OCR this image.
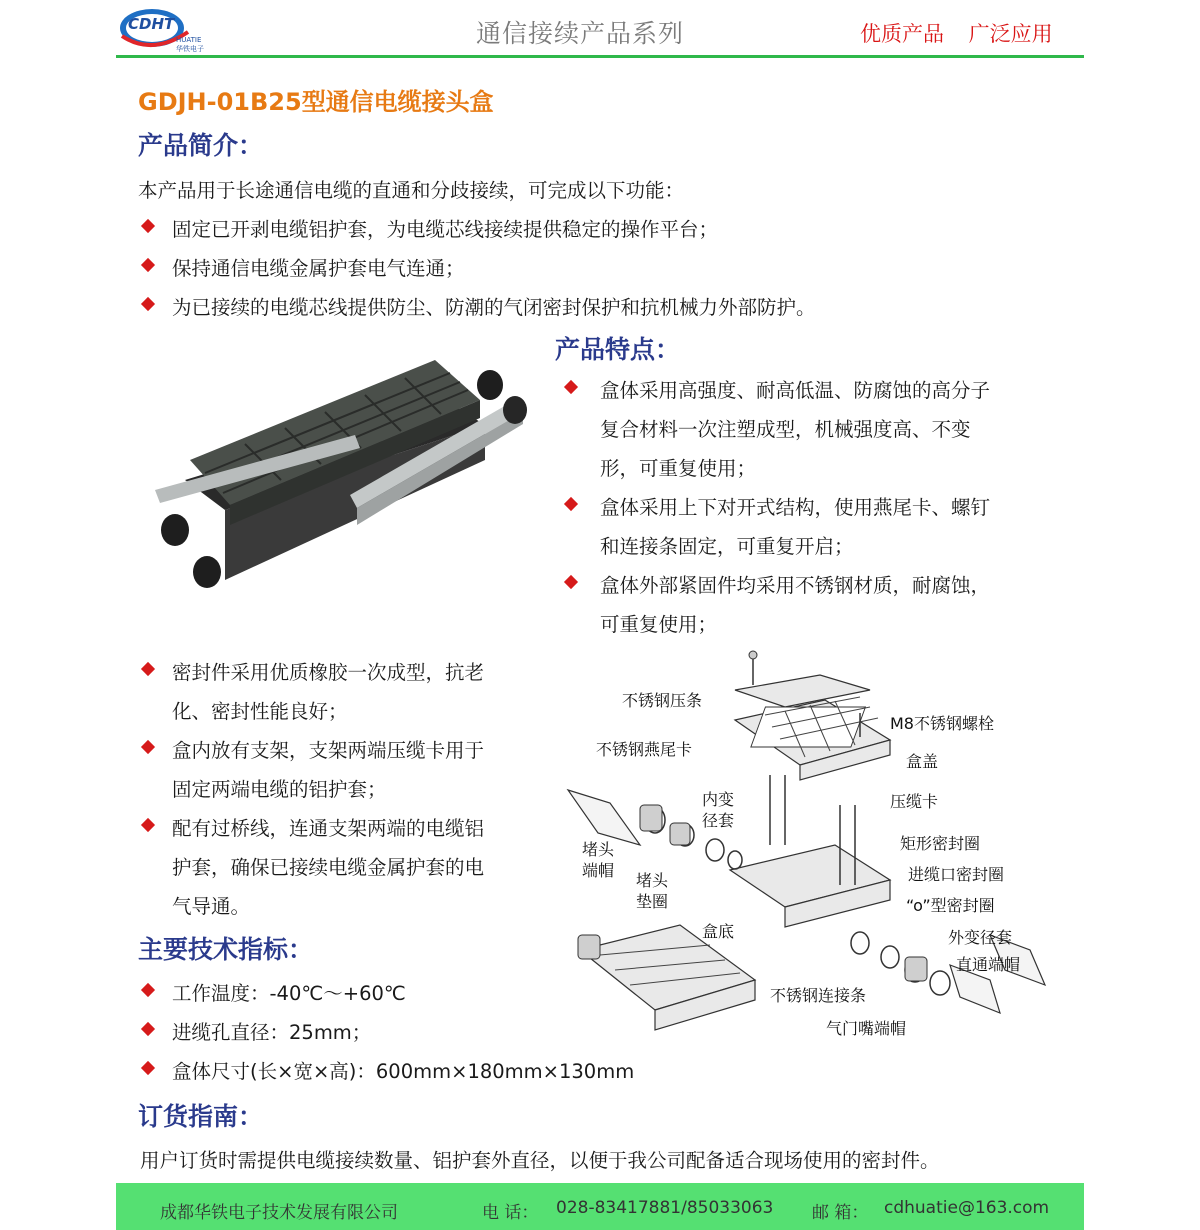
CDHT
HUATIE
华铁电子
通信接续产品系列	优质产品 广泛应用
GDJH-01B25型通信电缆接头盒
产品简介：
本产品用于长途通信电缆的直通和分歧接续，可完成以下功能：
固定已开剥电缆铝护套，为电缆芯线接续提供稳定的操作平台；
保持通信电缆金属护套电气连通；
为已接续的电缆芯线提供防尘、防潮的气闭密封保护和抗机械力外部防护。
产品特点：
盒体采用高强度、耐高低温、防腐蚀的高分子
复合材料一次注塑成型，机械强度高、不变
形，可重复使用；
盒体采用上下对开式结构，使用燕尾卡、螺钉
和连接条固定，可重复开启；
盒体外部紧固件均采用不锈钢材质，耐腐蚀，
可重复使用；
密封件采用优质橡胶一次成型，抗老
化、密封性能良好；
盒内放有支架，支架两端压缆卡用于
固定两端电缆的铝护套；
配有过桥线，连通支架两端的电缆铝
护套，确保已接续电缆金属护套的电
气导通。
不锈钢压条
M8不锈钢螺栓
不锈钢燕尾卡
盒盖
内变
径套
压缆卡
堵头
端帽
矩形密封圈
进缆口密封圈
堵头
垫圈	“o”型密封圈
盒底	外变径套
直通端帽
不锈钢连接条
气门嘴端帽
主要技术指标：
工作温度：-40℃～+60℃
进缆孔直径：25mm；
盒体尺寸(长×宽×高)：600mm×180mm×130mm
订货指南：
用户订货时需提供电缆接续数量、铝护套外直径，以便于我公司配备适合现场使用的密封件。
成都华铁电子技术发展有限公司	电 话： 028-83417881/85033063 邮 箱： cdhuatie@163.com
